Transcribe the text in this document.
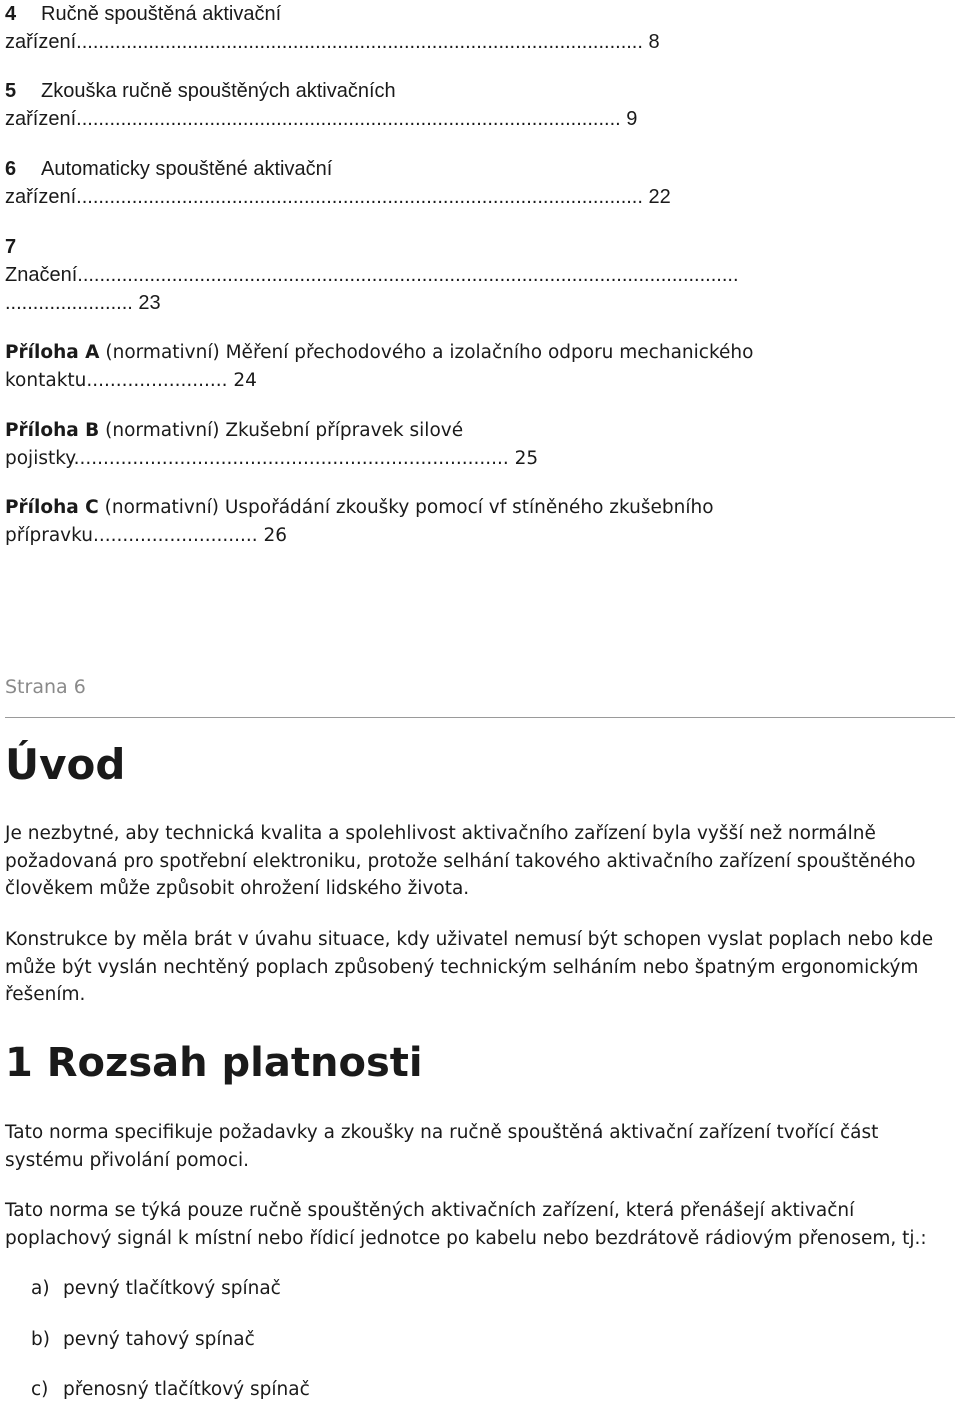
4 Ručně spouštěná aktivační
zařízení...................................................................................................... 8
5 Zkouška ručně spouštěných aktivačních
zařízení.................................................................................................. 9
6 Automaticky spouštěné aktivační
zařízení...................................................................................................... 22
7
Značení.......................................................................................................................
....................... 23
Příloha A (normativní) Měření přechodového a izolačního odporu mechanického
kontaktu........................ 24
Příloha B (normativní) Zkušební přípravek silové
pojistky.......................................................................... 25
Příloha C (normativní) Uspořádání zkoušky pomocí vf stíněného zkušebního
přípravku............................ 26
Strana 6
Úvod
Je nezbytné, aby technická kvalita a spolehlivost aktivačního zařízení byla vyšší než normálně požadovaná pro spotřební elektroniku, protože selhání takového aktivačního zařízení spouštěného člověkem může způsobit ohrožení lidského života.
Konstrukce by měla brát v úvahu situace, kdy uživatel nemusí být schopen vyslat poplach nebo kde může být vyslán nechtěný poplach způsobený technickým selháním nebo špatným ergonomickým řešením.
1 Rozsah platnosti
Tato norma specifikuje požadavky a zkoušky na ručně spouštěná aktivační zařízení tvořící část systému přivolání pomoci.
Tato norma se týká pouze ručně spouštěných aktivačních zařízení, která přenášejí aktivační poplachový signál k místní nebo řídicí jednotce po kabelu nebo bezdrátově rádiovým přenosem, tj.:
a) pevný tlačítkový spínač
b) pevný tahový spínač
c) přenosný tlačítkový spínač
